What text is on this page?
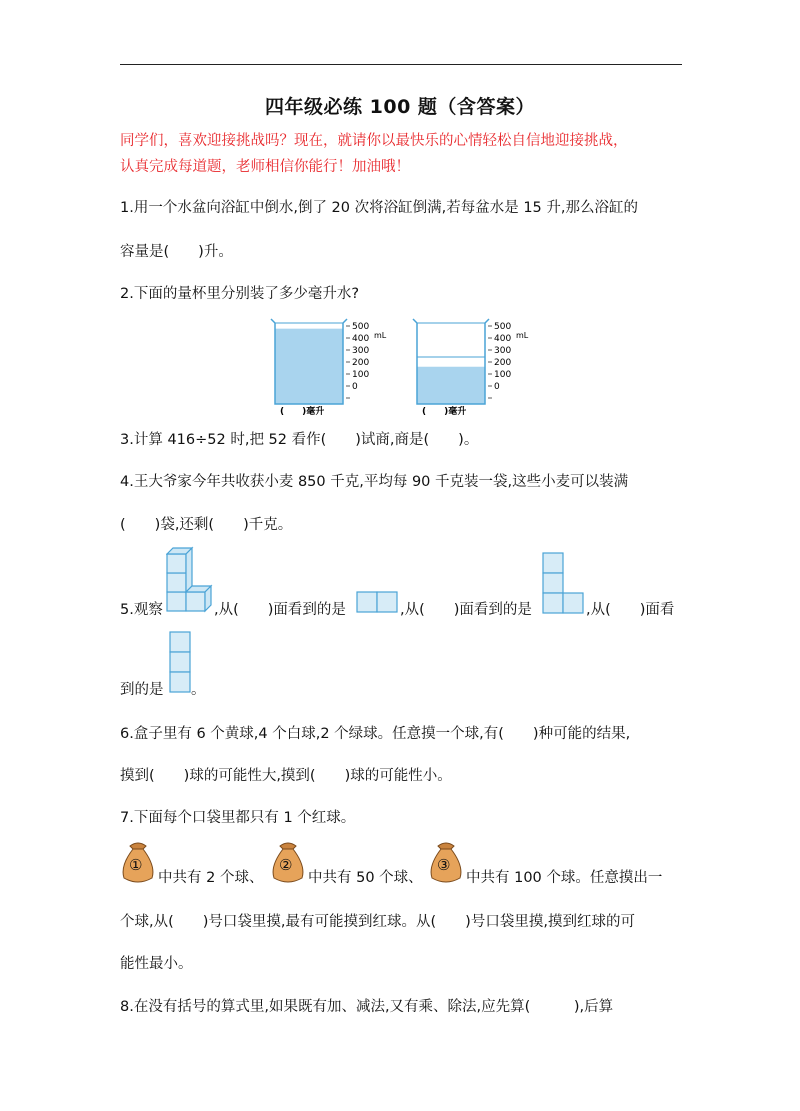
四年级必练 100 题（含答案）
同学们，喜欢迎接挑战吗？现在，就请你以最快乐的心情轻松自信地迎接挑战，
认真完成每道题，老师相信你能行！加油哦！
1.用一个水盆向浴缸中倒水,倒了 20 次将浴缸倒满,若每盆水是 15 升,那么浴缸的
容量是(　　)升。
2.下面的量杯里分别装了多少毫升水?
500
400
300
200
100
0
mL
(　　)毫升
500
400
300
200
100
0
mL
(　　)毫升
3.计算 416÷52 时,把 52 看作(　　)试商,商是(　　)。
4.王大爷家今年共收获小麦 850 千克,平均每 90 千克装一袋,这些小麦可以装满
(　　)袋,还剩(　　)千克。
5.观察	,从(　　)面看到的是	,从(　　)面看到的是	,从(　　)面看
到的是 。
6.盒子里有 6 个黄球,4 个白球,2 个绿球。任意摸一个球,有(　　)种可能的结果,
摸到(　　)球的可能性大,摸到(　　)球的可能性小。
7.下面每个口袋里都只有 1 个红球。
①
中共有 2 个球、
②
中共有 50 个球、
③
中共有 100 个球。任意摸出一
个球,从(　　)号口袋里摸,最有可能摸到红球。从(　　)号口袋里摸,摸到红球的可
能性最小。
8.在没有括号的算式里,如果既有加、减法,又有乘、除法,应先算(　　　),后算
